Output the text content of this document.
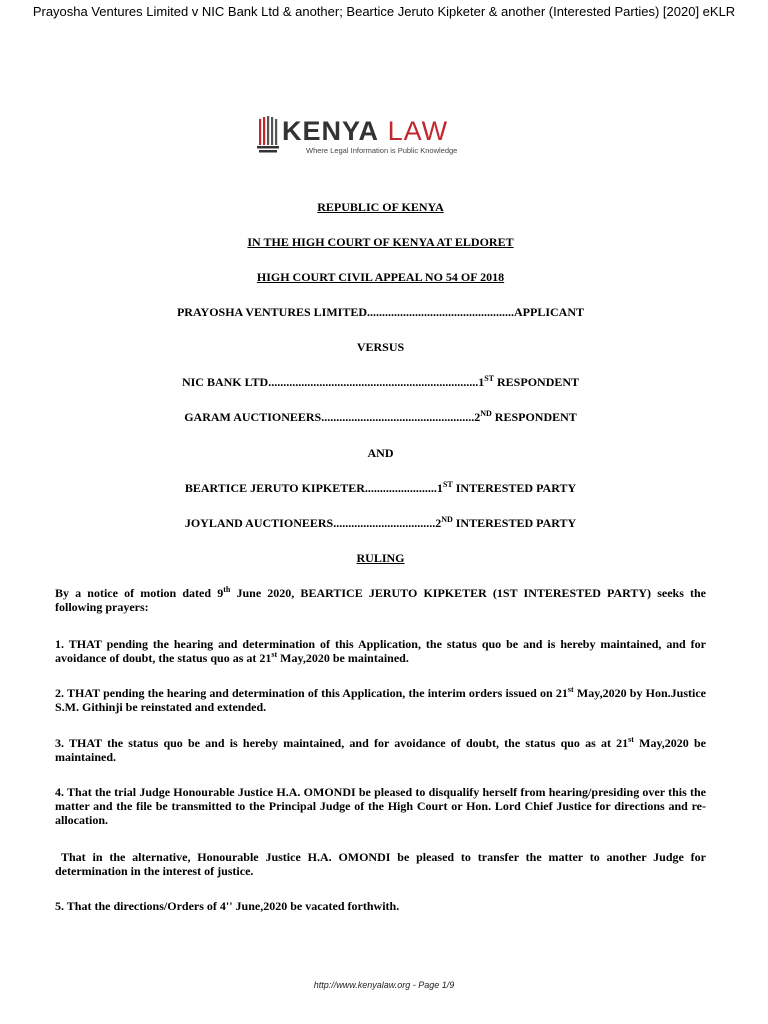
Prayosha Ventures Limited v NIC Bank Ltd & another; Beartice Jeruto Kipketer & another (Interested Parties) [2020] eKLR
KENYA LAW
Where Legal Information is Public Knowledge
REPUBLIC OF KENYA
IN THE HIGH COURT OF KENYA AT ELDORET
HIGH COURT CIVIL APPEAL NO 54 OF 2018
PRAYOSHA VENTURES LIMITED.................................................APPLICANT
VERSUS
NIC BANK LTD......................................................................1ST RESPONDENT
GARAM AUCTIONEERS...................................................2ND RESPONDENT
AND
BEARTICE JERUTO KIPKETER........................1ST INTERESTED PARTY
JOYLAND AUCTIONEERS..................................2ND INTERESTED PARTY
RULING
By a notice of motion dated 9th June 2020, BEARTICE JERUTO KIPKETER (1ST INTERESTED PARTY) seeks the following prayers:
1. THAT pending the hearing and determination of this Application, the status quo be and is hereby maintained, and for avoidance of doubt, the status quo as at 21st May,2020 be maintained.
2. THAT pending the hearing and determination of this Application, the interim orders issued on 21st May,2020 by Hon.Justice S.M. Githinji be reinstated and extended.
3. THAT the status quo be and is hereby maintained, and for avoidance of doubt, the status quo as at 21st May,2020 be maintained.
4. That the trial Judge Honourable Justice H.A. OMONDI be pleased to disqualify herself from hearing/presiding over this the matter and the file be transmitted to the Principal Judge of the High Court or Hon. Lord Chief Justice for directions and re-allocation.
That in the alternative, Honourable Justice H.A. OMONDI be pleased to transfer the matter to another Judge for determination in the interest of justice.
5. That the directions/Orders of 4'' June,2020 be vacated forthwith.
http://www.kenyalaw.org - Page 1/9
